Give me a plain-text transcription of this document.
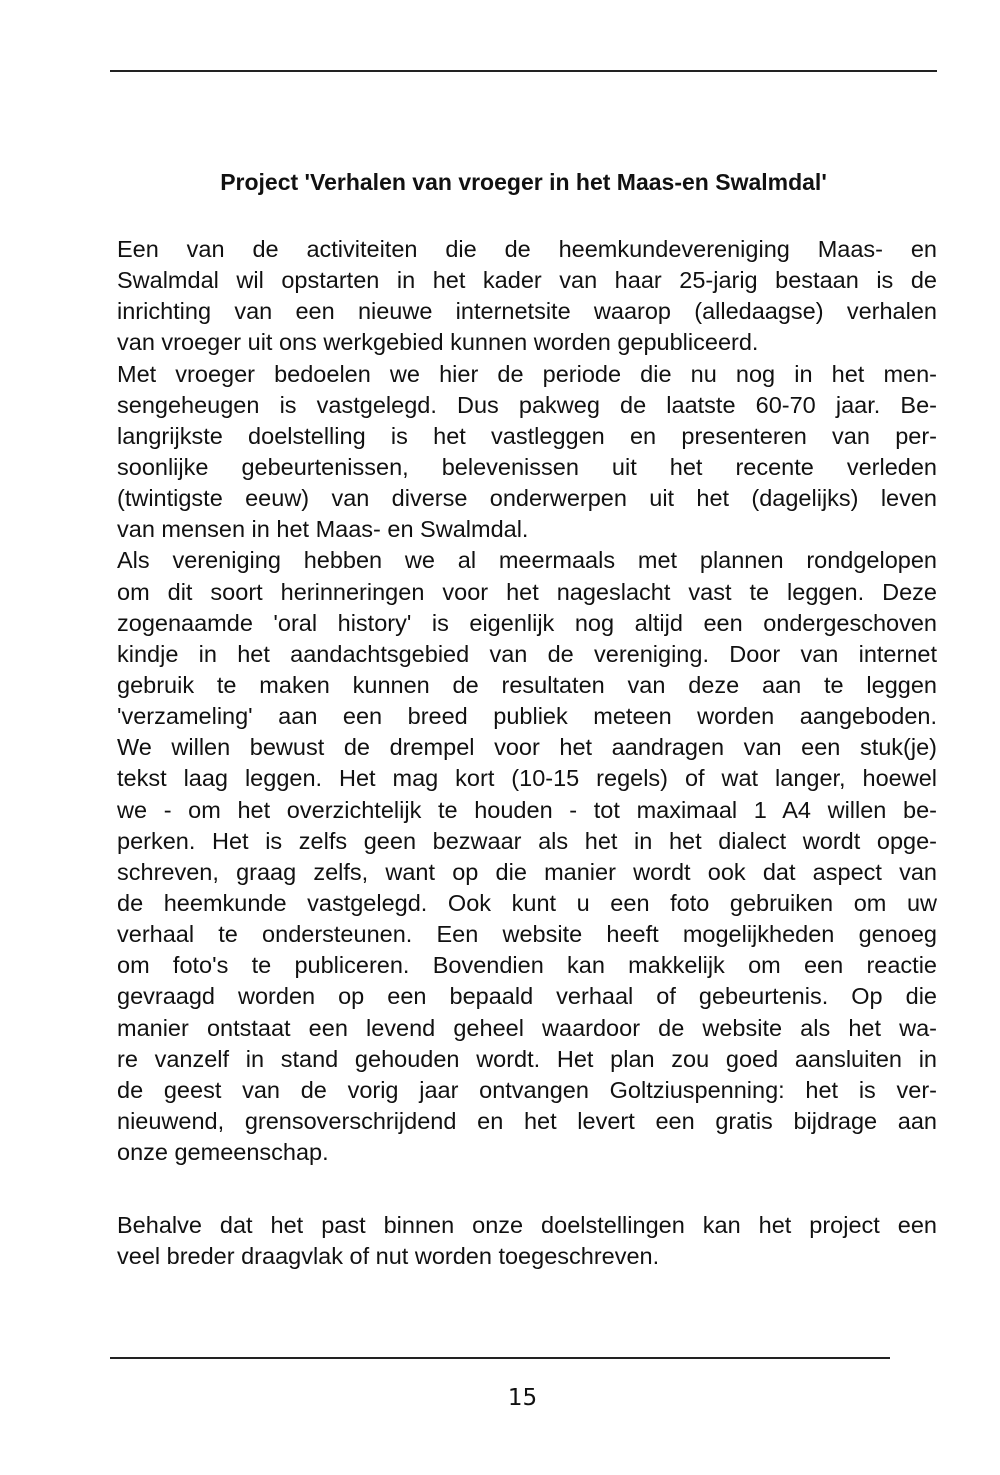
Project 'Verhalen van vroeger in het Maas-en Swalmdal'
Een van de activiteiten die de heemkundevereniging Maas- en
Swalmdal wil opstarten in het kader van haar 25-jarig bestaan is de
inrichting van een nieuwe internetsite waarop (alledaagse) verhalen
van vroeger uit ons werkgebied kunnen worden gepubliceerd.
Met vroeger bedoelen we hier de periode die nu nog in het men-
sengeheugen is vastgelegd. Dus pakweg de laatste 60-70 jaar. Be-
langrijkste doelstelling is het vastleggen en presenteren van per-
soonlijke gebeurtenissen, belevenissen uit het recente verleden
(twintigste eeuw) van diverse onderwerpen uit het (dagelijks) leven
van mensen in het Maas- en Swalmdal.
Als vereniging hebben we al meermaals met plannen rondgelopen
om dit soort herinneringen voor het nageslacht vast te leggen. Deze
zogenaamde 'oral history' is eigenlijk nog altijd een ondergeschoven
kindje in het aandachtsgebied van de vereniging. Door van internet
gebruik te maken kunnen de resultaten van deze aan te leggen
'verzameling' aan een breed publiek meteen worden aangeboden.
We willen bewust de drempel voor het aandragen van een stuk(je)
tekst laag leggen. Het mag kort (10-15 regels) of wat langer, hoewel
we - om het overzichtelijk te houden - tot maximaal 1 A4 willen be-
perken. Het is zelfs geen bezwaar als het in het dialect wordt opge-
schreven, graag zelfs, want op die manier wordt ook dat aspect van
de heemkunde vastgelegd. Ook kunt u een foto gebruiken om uw
verhaal te ondersteunen. Een website heeft mogelijkheden genoeg
om foto's te publiceren. Bovendien kan makkelijk om een reactie
gevraagd worden op een bepaald verhaal of gebeurtenis. Op die
manier ontstaat een levend geheel waardoor de website als het wa-
re vanzelf in stand gehouden wordt. Het plan zou goed aansluiten in
de geest van de vorig jaar ontvangen Goltziuspenning: het is ver-
nieuwend, grensoverschrijdend en het levert een gratis bijdrage aan
onze gemeenschap.
Behalve dat het past binnen onze doelstellingen kan het project een
veel breder draagvlak of nut worden toegeschreven.
15
